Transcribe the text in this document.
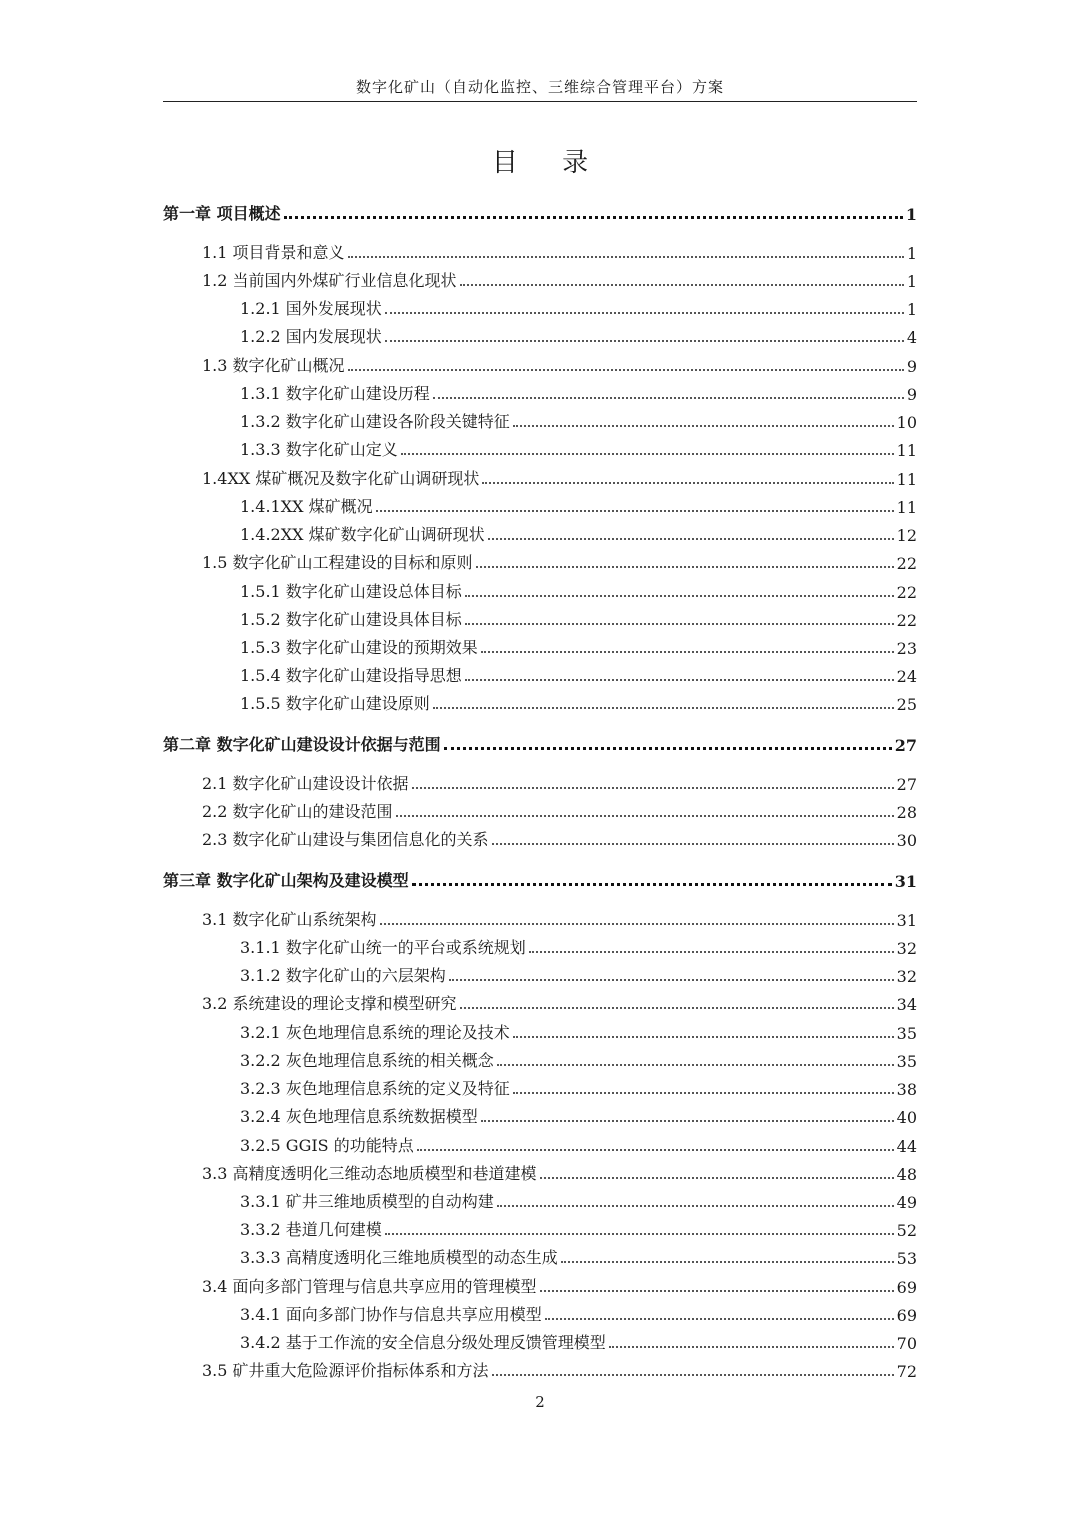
数字化矿山（自动化监控、三维综合管理平台）方案
目 录
第一章 项目概述	1
1.1 项目背景和意义	1
1.2 当前国内外煤矿行业信息化现状	1
1.2.1 国外发展现状	1
1.2.2 国内发展现状	4
1.3 数字化矿山概况	9
1.3.1 数字化矿山建设历程	9
1.3.2 数字化矿山建设各阶段关键特征	10
1.3.3 数字化矿山定义	11
1.4XX 煤矿概况及数字化矿山调研现状	11
1.4.1XX 煤矿概况	11
1.4.2XX 煤矿数字化矿山调研现状	12
1.5 数字化矿山工程建设的目标和原则	22
1.5.1 数字化矿山建设总体目标	22
1.5.2 数字化矿山建设具体目标	22
1.5.3 数字化矿山建设的预期效果	23
1.5.4 数字化矿山建设指导思想	24
1.5.5 数字化矿山建设原则	25
第二章 数字化矿山建设设计依据与范围	27
2.1 数字化矿山建设设计依据	27
2.2 数字化矿山的建设范围	28
2.3 数字化矿山建设与集团信息化的关系	30
第三章 数字化矿山架构及建设模型	31
3.1 数字化矿山系统架构	31
3.1.1 数字化矿山统一的平台或系统规划	32
3.1.2 数字化矿山的六层架构	32
3.2 系统建设的理论支撑和模型研究	34
3.2.1 灰色地理信息系统的理论及技术	35
3.2.2 灰色地理信息系统的相关概念	35
3.2.3 灰色地理信息系统的定义及特征	38
3.2.4 灰色地理信息系统数据模型	40
3.2.5 GGIS 的功能特点	44
3.3 高精度透明化三维动态地质模型和巷道建模	48
3.3.1 矿井三维地质模型的自动构建	49
3.3.2 巷道几何建模	52
3.3.3 高精度透明化三维地质模型的动态生成	53
3.4 面向多部门管理与信息共享应用的管理模型	69
3.4.1 面向多部门协作与信息共享应用模型	69
3.4.2 基于工作流的安全信息分级处理反馈管理模型	70
3.5 矿井重大危险源评价指标体系和方法	72
2
